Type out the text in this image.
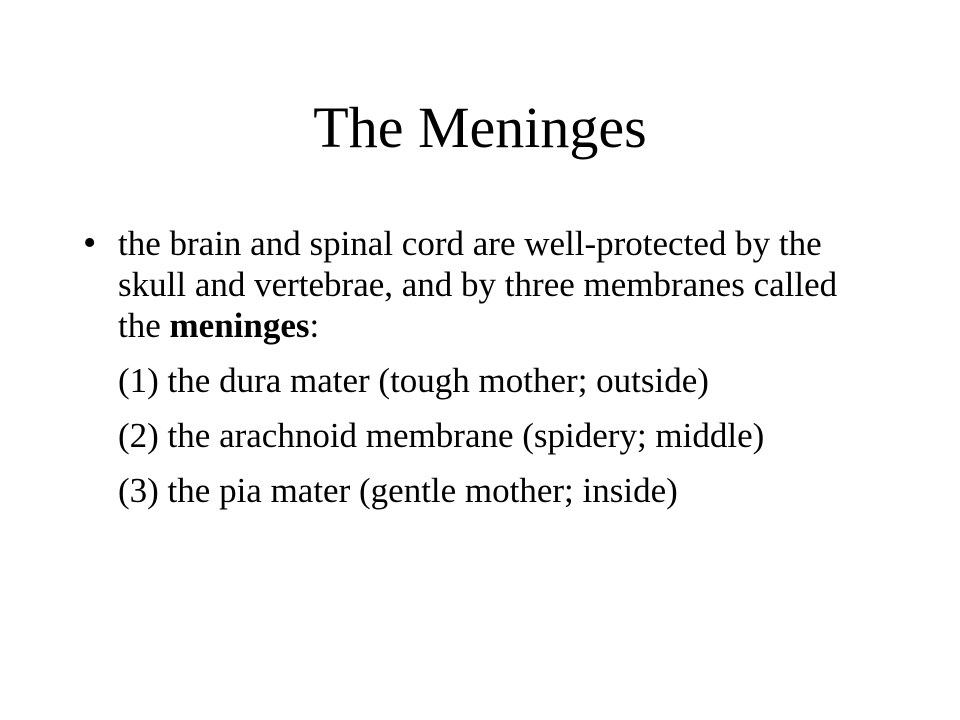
The Meninges
• the brain and spinal cord are well-protected by the skull and vertebrae, and by three membranes called the meninges:

(1) the dura mater (tough mother; outside)

(2) the arachnoid membrane (spidery; middle)

(3) the pia mater (gentle mother; inside)
